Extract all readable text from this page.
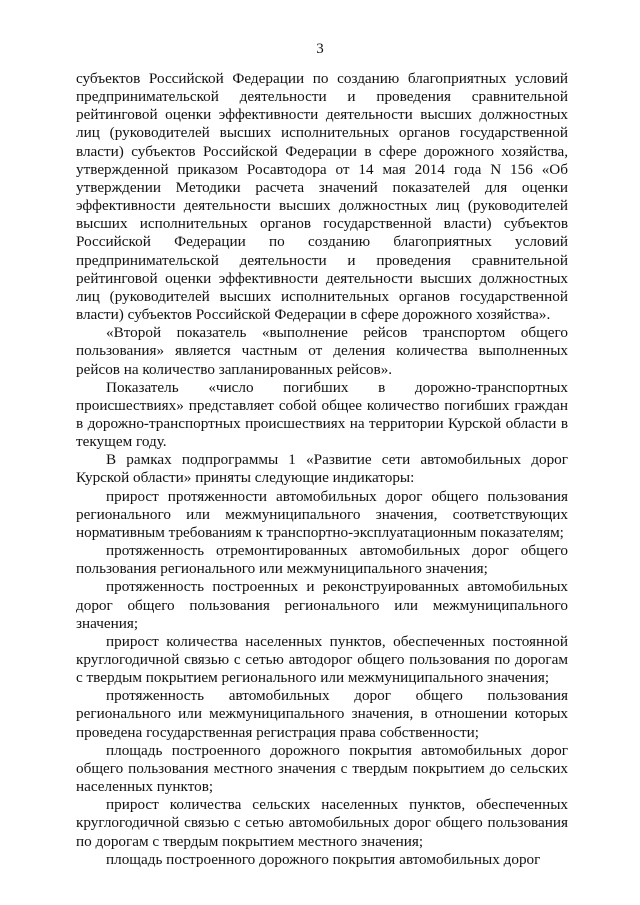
3

субъектов Российской Федерации по созданию благоприятных условий предпринимательской деятельности и проведения сравнительной рейтинговой оценки эффективности деятельности высших должностных лиц (руководителей высших исполнительных органов государственной власти) субъектов Российской Федерации в сфере дорожного хозяйства, утвержденной приказом Росавтодора от 14 мая 2014 года N 156 «Об утверждении Методики расчета значений показателей для оценки эффективности деятельности высших должностных лиц (руководителей высших исполнительных органов государственной власти) субъектов Российской Федерации по созданию благоприятных условий предпринимательской деятельности и проведения сравнительной рейтинговой оценки эффективности деятельности высших должностных лиц (руководителей высших исполнительных органов государственной власти) субъектов Российской Федерации в сфере дорожного хозяйства».

«Второй показатель «выполнение рейсов транспортом общего пользования» является частным от деления количества выполненных рейсов на количество запланированных рейсов».

Показатель «число погибших в дорожно-транспортных происшествиях» представляет собой общее количество погибших граждан в дорожно-транспортных происшествиях на территории Курской области в текущем году.

В рамках подпрограммы 1 «Развитие сети автомобильных дорог Курской области» приняты следующие индикаторы:

прирост протяженности автомобильных дорог общего пользования регионального или межмуниципального значения, соответствующих нормативным требованиям к транспортно-эксплуатационным показателям;

протяженность отремонтированных автомобильных дорог общего пользования регионального или межмуниципального значения;

протяженность построенных и реконструированных автомобильных дорог общего пользования регионального или межмуниципального значения;

прирост количества населенных пунктов, обеспеченных постоянной круглогодичной связью с сетью автодорог общего пользования по дорогам с твердым покрытием регионального или межмуниципального значения;

протяженность автомобильных дорог общего пользования регионального или межмуниципального значения, в отношении которых проведена государственная регистрация права собственности;

площадь построенного дорожного покрытия автомобильных дорог общего пользования местного значения с твердым покрытием до сельских населенных пунктов;

прирост количества сельских населенных пунктов, обеспеченных круглогодичной связью с сетью автомобильных дорог общего пользования по дорогам с твердым покрытием местного значения;

площадь построенного дорожного покрытия автомобильных дорог
